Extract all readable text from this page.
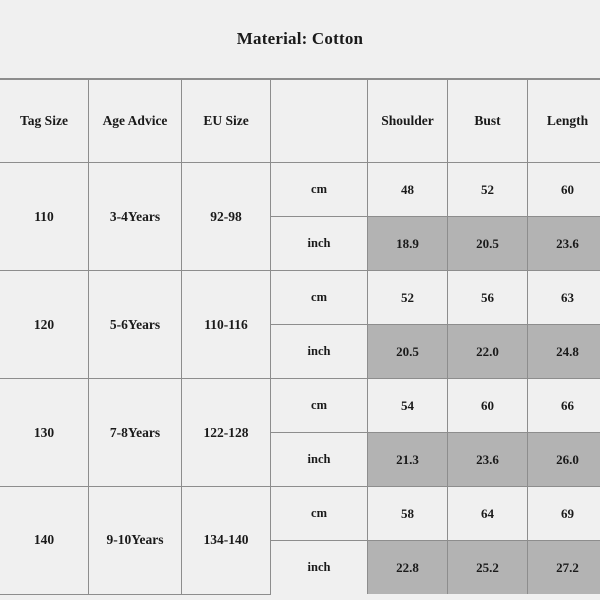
Material: Cotton
Tag Size	Age Advice	EU Size		Shoulder	Bust	Length
110	3-4Years	92-98	cm	48	52	60
			inch	18.9	20.5	23.6
120	5-6Years	110-116	cm	52	56	63
			inch	20.5	22.0	24.8
130	7-8Years	122-128	cm	54	60	66
			inch	21.3	23.6	26.0
140	9-10Years	134-140	cm	58	64	69
			inch	22.8	25.2	27.2
